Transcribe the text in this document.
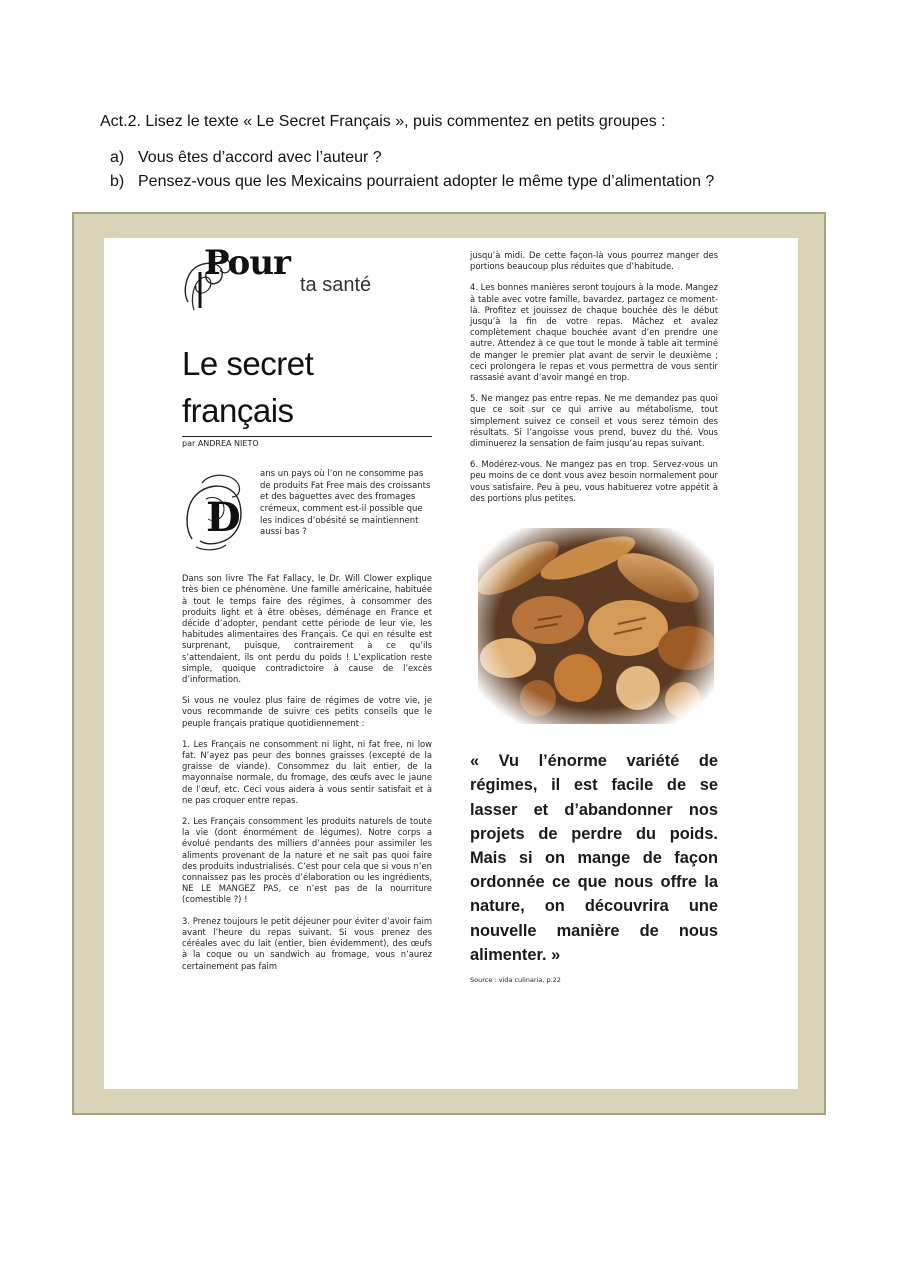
Act.2. Lisez le texte « Le Secret Français », puis commentez en petits groupes :
a) Vous êtes d’accord avec l’auteur ?
b) Pensez-vous que les Mexicains pourraient adopter le même type d’alimentation ?
Pour
ta santé
Le secret
français
par ANDREA NIETO
D
ans un pays où l’on ne consomme pas de produits Fat Free mais des croissants et des baguettes avec des fromages crémeux, comment est-il possible que les indices d’obésité se maintiennent aussi bas ?

Dans son livre The Fat Fallacy, le Dr. Will Clower explique très bien ce phénomène. Une famille américaine, habituée à tout le temps faire des régimes, à consommer des produits light et à être obèses, déménage en France et décide d’adopter, pendant cette période de leur vie, les habitudes alimentaires des Français. Ce qui en résulte est surprenant, puisque, contrairement à ce qu’ils s’attendaient, ils ont perdu du poids ! L’explication reste simple, quoique contradictoire à cause de l’excès d’information.

Si vous ne voulez plus faire de régimes de votre vie, je vous recommande de suivre ces petits conseils que le peuple français pratique quotidiennement :

1. Les Français ne consomment ni light, ni fat free, ni low fat. N’ayez pas peur des bonnes graisses (excepté de la graisse de viande). Consommez du lait entier, de la mayonnaise normale, du fromage, des œufs avec le jaune de l’œuf, etc. Ceci vous aidera à vous sentir satisfait et à ne pas croquer entre repas.

2. Les Français consomment les produits naturels de toute la vie (dont énormément de légumes). Notre corps a évolué pendants des milliers d’années pour assimiler les aliments provenant de la nature et ne sait pas quoi faire des produits industrialisés. C’est pour cela que si vous n’en connaissez pas les procès d’élaboration ou les ingrédients, NE LE MANGEZ PAS, ce n’est pas de la nourriture (comestible ?) !

3. Prenez toujours le petit déjeuner pour éviter d’avoir faim avant l’heure du repas suivant. Si vous prenez des céréales avec du lait (entier, bien évidemment), des œufs à la coque ou un sandwich au fromage, vous n’aurez certainement pas faim

jusqu’à midi. De cette façon-là vous pourrez manger des portions beaucoup plus réduites que d’habitude.

4. Les bonnes manières seront toujours à la mode. Mangez à table avec votre famille, bavardez, partagez ce moment-là. Profitez et jouissez de chaque bouchée dès le début jusqu’à la fin de votre repas. Mâchez et avalez complètement chaque bouchée avant d’en prendre une autre. Attendez à ce que tout le monde à table ait terminé de manger le premier plat avant de servir le deuxième ; ceci prolongera le repas et vous permettra de vous sentir rassasié avant d’avoir mangé en trop.

5. Ne mangez pas entre repas. Ne me demandez pas quoi que ce soit sur ce qui arrive au métabolisme, tout simplement suivez ce conseil et vous serez témoin des résultats. Si l’angoisse vous prend, buvez du thé. Vous diminuerez la sensation de faim jusqu’au repas suivant.

6. Modérez-vous. Ne mangez pas en trop. Servez-vous un peu moins de ce dont vous avez besoin normalement pour vous satisfaire. Peu à peu, vous habituerez votre appétit à des portions plus petites.

« Vu l’énorme variété de régimes, il est facile de se lasser et d’abandonner nos projets de perdre du poids. Mais si on mange de façon ordonnée ce que nous offre la nature, on découvrira une nouvelle manière de nous alimenter. »
Source : vida culinaria, p.22
